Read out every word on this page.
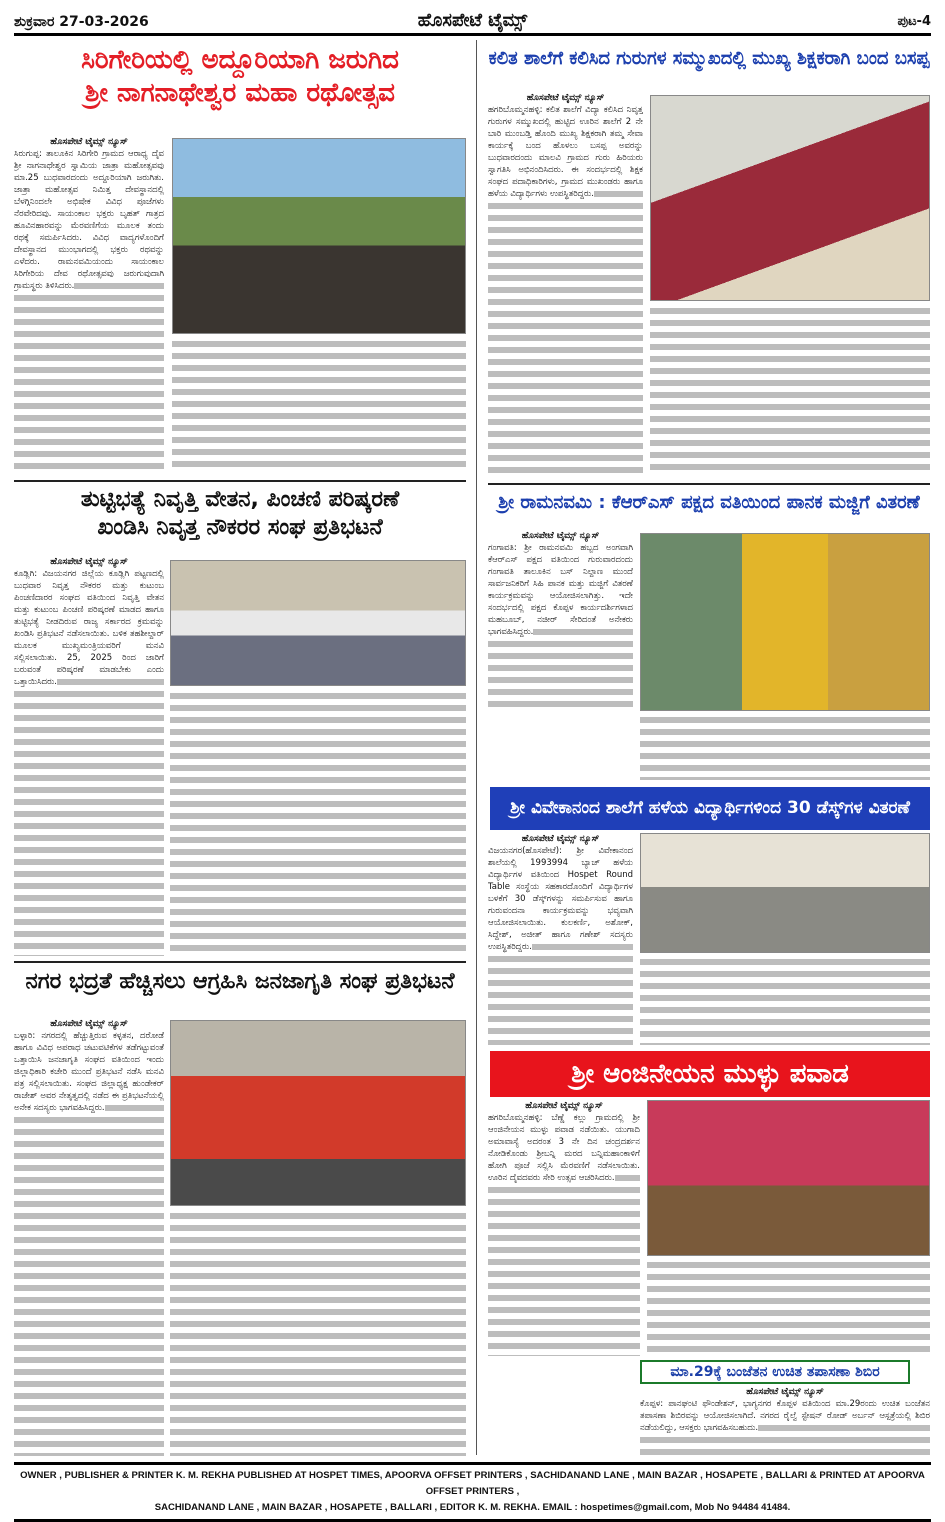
ಶುಕ್ರವಾರ 27-03-2026	ಹೊಸಪೇಟೆ ಟೈಮ್ಸ್	ಪುಟ-4
ಸಿರಿಗೇರಿಯಲ್ಲಿ ಅದ್ದೂರಿಯಾಗಿ ಜರುಗಿದ
ಶ್ರೀ ನಾಗನಾಥೇಶ್ವರ ಮಹಾ ರಥೋತ್ಸವ
ಹೊಸಪೇಟೆ ಟೈಮ್ಸ್ ನ್ಯೂಸ್

ಸಿರುಗುಪ್ಪ: ತಾಲೂಕಿನ ಸಿರಿಗೇರಿ ಗ್ರಾಮದ ಆರಾಧ್ಯ ದೈವ ಶ್ರೀ ನಾಗನಾಥೇಶ್ವರ ಸ್ವಾಮಿಯ ಜಾತ್ರಾ ಮಹೋತ್ಸವವು ಮಾ.25 ಬುಧವಾರದಂದು ಅದ್ದೂರಿಯಾಗಿ ಜರುಗಿತು. ಜಾತ್ರಾ ಮಹೋತ್ಸವ ನಿಮಿತ್ತ ದೇವಸ್ಥಾನದಲ್ಲಿ ಬೆಳಗ್ಗಿನಿಂದಲೇ ಅಭಿಷೇಕ ವಿವಿಧ ಪೂಜೆಗಳು ನೆರವೇರಿದವು. ಸಾಯಂಕಾಲ ಭಕ್ತರು ಬೃಹತ್ ಗಾತ್ರದ ಹೂವಿನಹಾರವನ್ನು ಮೆರವಣಿಗೆಯ ಮೂಲಕ ತಂದು ರಥಕ್ಕೆ ಸಮರ್ಪಿಸಿದರು. ವಿವಿಧ ವಾದ್ಯಗಳೊಂದಿಗೆ ದೇವಸ್ಥಾನದ ಮುಂಭಾಗದಲ್ಲಿ ಭಕ್ತರು ರಥವನ್ನು ಎಳೆದರು. ರಾಮನವಮಿಯಂದು ಸಾಯಂಕಾಲ ಸಿರಿಗೇರಿಯ ದೇವ ರಥೋತ್ಸವವು ಜರುಗುವುದಾಗಿ ಗ್ರಾಮಸ್ಥರು ತಿಳಿಸಿದರು.

ತುಟ್ಟಿಭತ್ಯೆ ನಿವೃತ್ತಿ ವೇತನ, ಪಿಂಚಣಿ ಪರಿಷ್ಕರಣೆ
ಖಂಡಿಸಿ ನಿವೃತ್ತ ನೌಕರರ ಸಂಘ ಪ್ರತಿಭಟನೆ
ಹೊಸಪೇಟೆ ಟೈಮ್ಸ್ ನ್ಯೂಸ್

ಕೂಡ್ಲಿಗಿ: ವಿಜಯನಗರ ಜಿಲ್ಲೆಯ ಕೂಡ್ಲಿಗಿ ಪಟ್ಟಣದಲ್ಲಿ ಬುಧವಾರ ನಿವೃತ್ತ ನೌಕರರ ಮತ್ತು ಕುಟುಂಬ ಪಿಂಚಣಿದಾರರ ಸಂಘದ ವತಿಯಿಂದ ನಿವೃತ್ತಿ ವೇತನ ಮತ್ತು ಕುಟುಂಬ ಪಿಂಚಣಿ ಪರಿಷ್ಕರಣೆ ಮಾಡದ ಹಾಗೂ ತುಟ್ಟಿಭತ್ಯೆ ನೀಡದಿರುವ ರಾಜ್ಯ ಸರ್ಕಾರದ ಕ್ರಮವನ್ನು ಖಂಡಿಸಿ ಪ್ರತಿಭಟನೆ ನಡೆಸಲಾಯಿತು. ಬಳಿಕ ತಹಶೀಲ್ದಾರ್ ಮೂಲಕ ಮುಖ್ಯಮಂತ್ರಿಯವರಿಗೆ ಮನವಿ ಸಲ್ಲಿಸಲಾಯಿತು. 25, 2025 ರಿಂದ ಜಾರಿಗೆ ಬರುವಂತೆ ಪರಿಷ್ಕರಣೆ ಮಾಡಬೇಕು ಎಂದು ಒತ್ತಾಯಿಸಿದರು.

ನಗರ ಭದ್ರತೆ ಹೆಚ್ಚಿಸಲು ಆಗ್ರಹಿಸಿ ಜನಜಾಗೃತಿ ಸಂಘ ಪ್ರತಿಭಟನೆ
ಹೊಸಪೇಟೆ ಟೈಮ್ಸ್ ನ್ಯೂಸ್

ಬಳ್ಳಾರಿ: ನಗರದಲ್ಲಿ ಹೆಚ್ಚುತ್ತಿರುವ ಕಳ್ಳತನ, ದರೋಡೆ ಹಾಗೂ ವಿವಿಧ ಅಪರಾಧ ಚಟುವಟಿಕೆಗಳ ತಡೆಗಟ್ಟುವಂತೆ ಒತ್ತಾಯಿಸಿ ಜನಜಾಗೃತಿ ಸಂಘದ ವತಿಯಿಂದ ಇಂದು ಜಿಲ್ಲಾಧಿಕಾರಿ ಕಚೇರಿ ಮುಂದೆ ಪ್ರತಿಭಟನೆ ನಡೆಸಿ ಮನವಿ ಪತ್ರ ಸಲ್ಲಿಸಲಾಯಿತು. ಸಂಘದ ಜಿಲ್ಲಾಧ್ಯಕ್ಷ ಹುಂಡೇಕರ್ ರಾಜೇಶ್ ಅವರ ನೇತೃತ್ವದಲ್ಲಿ ನಡೆದ ಈ ಪ್ರತಿಭಟನೆಯಲ್ಲಿ ಅನೇಕ ಸದಸ್ಯರು ಭಾಗವಹಿಸಿದ್ದರು.

ಕಲಿತ ಶಾಲೆಗೆ ಕಲಿಸಿದ ಗುರುಗಳ ಸಮ್ಮುಖದಲ್ಲಿ ಮುಖ್ಯ ಶಿಕ್ಷಕರಾಗಿ ಬಂದ ಬಸಪ್ಪ
ಹೊಸಪೇಟೆ ಟೈಮ್ಸ್ ನ್ಯೂಸ್

ಹಗರಿಬೊಮ್ಮನಹಳ್ಳಿ: ಕಲಿತ ಶಾಲೆಗೆ ವಿದ್ಯಾ ಕಲಿಸಿದ ನಿವೃತ್ತ ಗುರುಗಳ ಸಮ್ಮುಖದಲ್ಲಿ ಹುಟ್ಟಿದ ಊರಿನ ಶಾಲೆಗೆ 2 ನೇ ಬಾರಿ ಮುಂಬಡ್ತಿ ಹೊಂದಿ ಮುಖ್ಯ ಶಿಕ್ಷಕರಾಗಿ ತಮ್ಮ ಸೇವಾ ಕಾರ್ಯಕ್ಕೆ ಬಂದ ಹೊಳಲು ಬಸಪ್ಪ ಅವರನ್ನು ಬುಧವಾರದಂದು ಮಾಲವಿ ಗ್ರಾಮದ ಗುರು ಹಿರಿಯರು ಸ್ವಾಗತಿಸಿ ಅಭಿನಂದಿಸಿದರು. ಈ ಸಂದರ್ಭದಲ್ಲಿ ಶಿಕ್ಷಕ ಸಂಘದ ಪದಾಧಿಕಾರಿಗಳು, ಗ್ರಾಮದ ಮುಖಂಡರು ಹಾಗೂ ಹಳೆಯ ವಿದ್ಯಾರ್ಥಿಗಳು ಉಪಸ್ಥಿತರಿದ್ದರು.

ಶ್ರೀ ರಾಮನವಮಿ : ಕೆಆರ್‌ಎಸ್ ಪಕ್ಷದ ವತಿಯಿಂದ ಪಾನಕ ಮಜ್ಜಿಗೆ ವಿತರಣೆ
ಹೊಸಪೇಟೆ ಟೈಮ್ಸ್ ನ್ಯೂಸ್

ಗಂಗಾವತಿ: ಶ್ರೀ ರಾಮನವಮಿ ಹಬ್ಬದ ಅಂಗವಾಗಿ ಕೆಆರ್‌ಎಸ್ ಪಕ್ಷದ ವತಿಯಿಂದ ಗುರುವಾರದಂದು ಗಂಗಾವತಿ ತಾಲೂಕಿನ ಬಸ್ ನಿಲ್ದಾಣ ಮುಂದೆ ಸಾರ್ವಜನಿಕರಿಗೆ ಸಿಹಿ ಪಾನಕ ಮತ್ತು ಮಜ್ಜಿಗೆ ವಿತರಣೆ ಕಾರ್ಯಕ್ರಮವನ್ನು ಆಯೋಜಿಸಲಾಗಿತ್ತು. ಇದೇ ಸಂದರ್ಭದಲ್ಲಿ ಪಕ್ಷದ ಕೊಪ್ಪಳ ಕಾರ್ಯದರ್ಶಿಗಳಾದ ಮಹಬೂಬ್, ನಜೀರ್ ಸೇರಿದಂತೆ ಅನೇಕರು ಭಾಗವಹಿಸಿದ್ದರು.

ಶ್ರೀ ವಿವೇಕಾನಂದ ಶಾಲೆಗೆ ಹಳೆಯ ವಿದ್ಯಾರ್ಥಿಗಳಿಂದ 30 ಡೆಸ್ಕ್‌ಗಳ ವಿತರಣೆ
ಹೊಸಪೇಟೆ ಟೈಮ್ಸ್ ನ್ಯೂಸ್

ವಿಜಯನಗರ(ಹೊಸಪೇಟೆ): ಶ್ರೀ ವಿವೇಕಾನಂದ ಶಾಲೆಯಲ್ಲಿ 1993994 ಬ್ಯಾಚ್ ಹಳೆಯ ವಿದ್ಯಾರ್ಥಿಗಳ ವತಿಯಿಂದ Hospet Round Table ಸಂಸ್ಥೆಯ ಸಹಕಾರದೊಂದಿಗೆ ವಿದ್ಯಾರ್ಥಿಗಳ ಬಳಕೆಗೆ 30 ಡೆಸ್ಕ್‌ಗಳನ್ನು ಸಮರ್ಪಿಸುವ ಹಾಗೂ ಗುರುವಂದನಾ ಕಾರ್ಯಕ್ರಮವನ್ನು ಭವ್ಯವಾಗಿ ಆಯೋಜಿಸಲಾಯಿತು. ಕುಲಕರ್ಣಿ, ಅಶೋಕ್, ಸಿದ್ದೇಶ್, ಅಜೀತ್ ಹಾಗೂ ಗಣೇಶ್ ಸದಸ್ಯರು ಉಪಸ್ಥಿತರಿದ್ದರು.

ಶ್ರೀ ಆಂಜಿನೇಯನ ಮುಳ್ಳು ಪವಾಡ
ಹೊಸಪೇಟೆ ಟೈಮ್ಸ್ ನ್ಯೂಸ್

ಹಗರಿಬೊಮ್ಮನಹಳ್ಳಿ: ಬೆಣ್ಣೆ ಕಲ್ಲು ಗ್ರಾಮದಲ್ಲಿ ಶ್ರೀ ಆಂಜಿನೇಯನ ಮುಳ್ಳು ಪವಾಡ ನಡೆಯಿತು. ಯುಗಾದಿ ಅಮಾವಾಸ್ಯೆ ಅದರಂತ 3 ನೇ ದಿನ ಚಂದ್ರದರ್ಶನ ನೋಡಿಕೊಂಡು ಶ್ರೀಬನ್ನಿ ಮರದ ಬನ್ನಿಮಹಾಂಕಾಳಿಗೆ ಹೋಗಿ ಪೂಜೆ ಸಲ್ಲಿಸಿ ಮೆರವಣಿಗೆ ನಡೆಸಲಾಯಿತು. ಊರಿನ ದೈವದವರು ಸೇರಿ ಉತ್ಸವ ಆಚರಿಸಿದರು.

ಮಾ.29ಕ್ಕೆ ಬಂಜೆತನ ಉಚಿತ ತಪಾಸಣಾ ಶಿಬಿರ
ಹೊಸಪೇಟೆ ಟೈಮ್ಸ್ ನ್ಯೂಸ್

ಕೊಪ್ಪಳ: ಪಾನಘಂಟಿ ಫೌಂಡೇಶನ್, ಭಾಗ್ಯನಗರ ಕೊಪ್ಪಳ ವತಿಯಿಂದ ಮಾ.29ರಂದು ಉಚಿತ ಬಂಜೆತನ ತಪಾಸಣಾ ಶಿಬಿರವನ್ನು ಆಯೋಜಿಸಲಾಗಿದೆ. ನಗರದ ರೈಲ್ವೆ ಸ್ಟೇಷನ್ ರೋಡ್ ಅರ್ಬನ್ ಆಸ್ಪತ್ರೆಯಲ್ಲಿ ಶಿಬಿರ ನಡೆಯಲಿದ್ದು, ಆಸಕ್ತರು ಭಾಗವಹಿಸಬಹುದು.

OWNER , PUBLISHER & PRINTER K. M. REKHA PUBLISHED AT HOSPET TIMES, APOORVA OFFSET PRINTERS , SACHIDANAND LANE , MAIN BAZAR , HOSAPETE , BALLARI & PRINTED AT APOORVA OFFSET PRINTERS ,
SACHIDANAND LANE , MAIN BAZAR , HOSAPETE , BALLARI , EDITOR K. M. REKHA. EMAIL : hospetimes@gmail.com, Mob No 94484 41484.
